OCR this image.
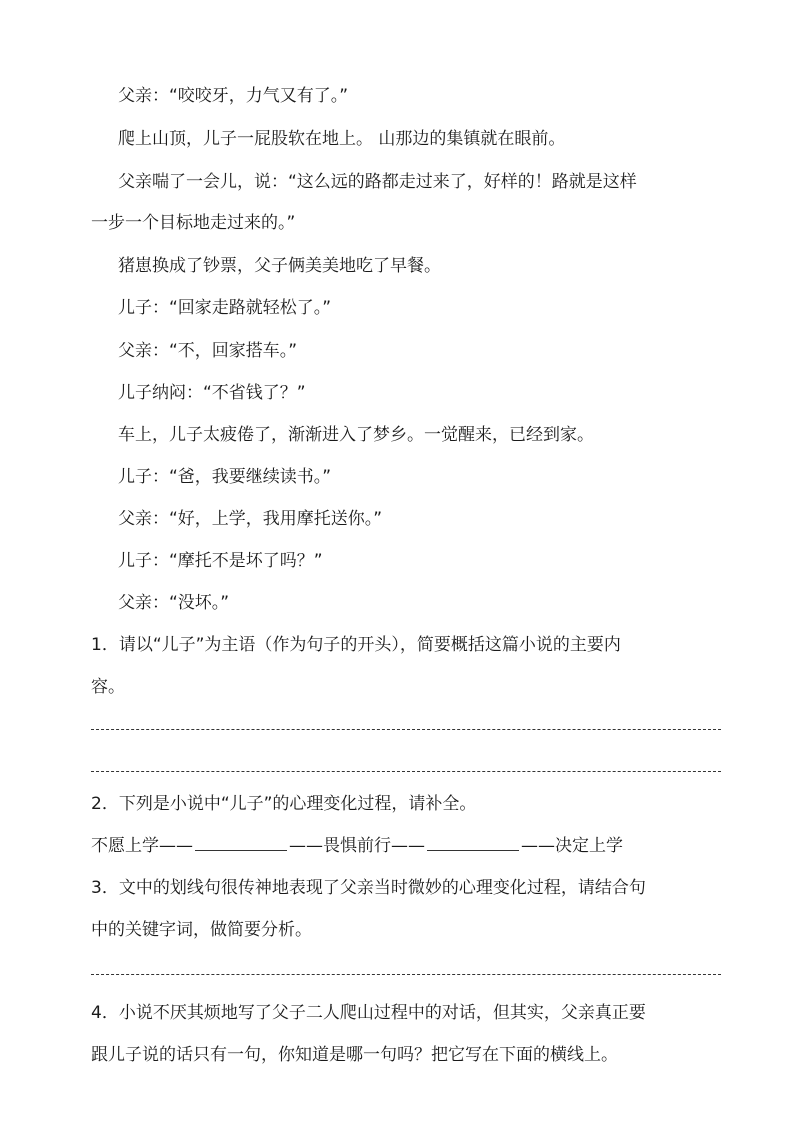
父亲：“咬咬牙，力气又有了。”
爬上山顶，儿子一屁股软在地上。 山那边的集镇就在眼前。
父亲喘了一会儿，说：“这么远的路都走过来了，好样的！路就是这样
一步一个目标地走过来的。”
猪崽换成了钞票，父子俩美美地吃了早餐。
儿子：“回家走路就轻松了。”
父亲：“不，回家搭车。”
儿子纳闷：“不省钱了？”
车上，儿子太疲倦了，渐渐进入了梦乡。一觉醒来，已经到家。
儿子：“爸，我要继续读书。”
父亲：“好，上学，我用摩托送你。”
儿子：“摩托不是坏了吗？”
父亲：“没坏。”
1．请以“儿子”为主语（作为句子的开头），简要概括这篇小说的主要内
容。
2．下列是小说中“儿子”的心理变化过程，请补全。
不愿上学——	——畏惧前行——	——决定上学
3．文中的划线句很传神地表现了父亲当时微妙的心理变化过程，请结合句
中的关键字词，做简要分析。
4．小说不厌其烦地写了父子二人爬山过程中的对话，但其实，父亲真正要
跟儿子说的话只有一句，你知道是哪一句吗？把它写在下面的横线上。
